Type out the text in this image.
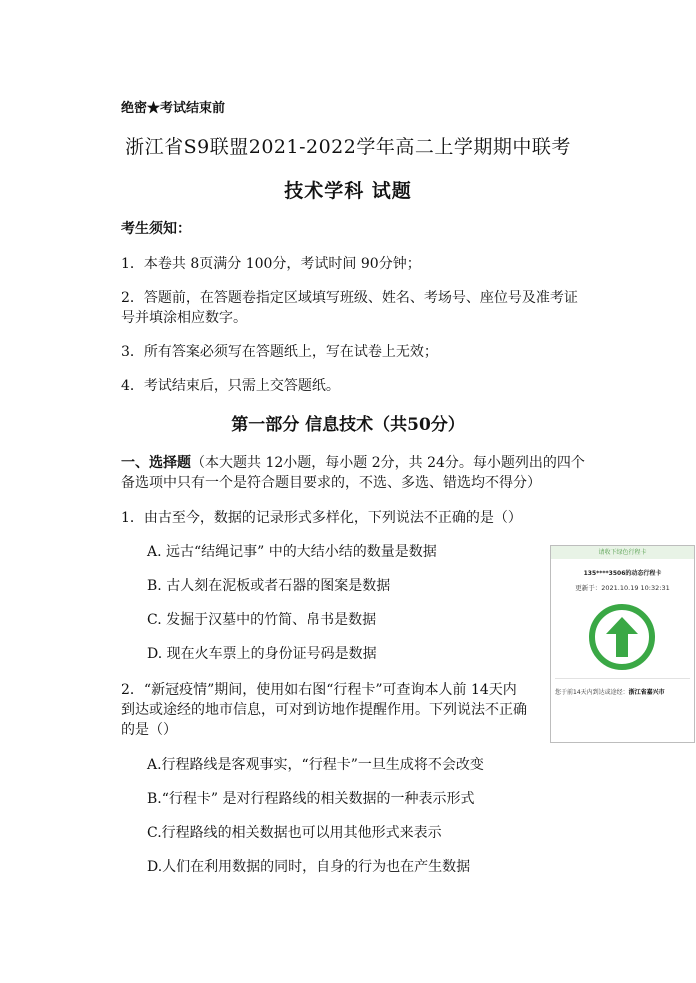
绝密★考试结束前
浙江省S9联盟2021-2022学年高二上学期期中联考
技术学科 试题
考生须知：
1．本卷共 8页满分 100分，考试时间 90分钟；
2．答题前，在答题卷指定区域填写班级、姓名、考场号、座位号及准考证
号并填涂相应数字。
3．所有答案必须写在答题纸上，写在试卷上无效；
4．考试结束后，只需上交答题纸。
第一部分 信息技术（共50分）
一、选择题（本大题共 12小题，每小题 2分，共 24分。每小题列出的四个
备选项中只有一个是符合题目要求的，不选、多选、错选均不得分）
1．由古至今，数据的记录形式多样化，下列说法不正确的是（）
A. 远古“结绳记事” 中的大结小结的数量是数据
B. 古人刻在泥板或者石器的图案是数据
C. 发掘于汉墓中的竹简、帛书是数据
D. 现在火车票上的身份证号码是数据
2．“新冠疫情”期间，使用如右图“行程卡”可查询本人前 14天内
到达或途经的地市信息，可对到访地作提醒作用。下列说法不正确
的是（）
A.行程路线是客观事实，“行程卡”一旦生成将不会改变
B.“行程卡” 是对行程路线的相关数据的一种表示形式
C.行程路线的相关数据也可以用其他形式来表示
D.人们在利用数据的同时，自身的行为也在产生数据
请收下绿色行程卡
135****3506的动态行程卡
更新于：2021.10.19 10:32:31
您于前14天内到达或途经：浙江省嘉兴市
